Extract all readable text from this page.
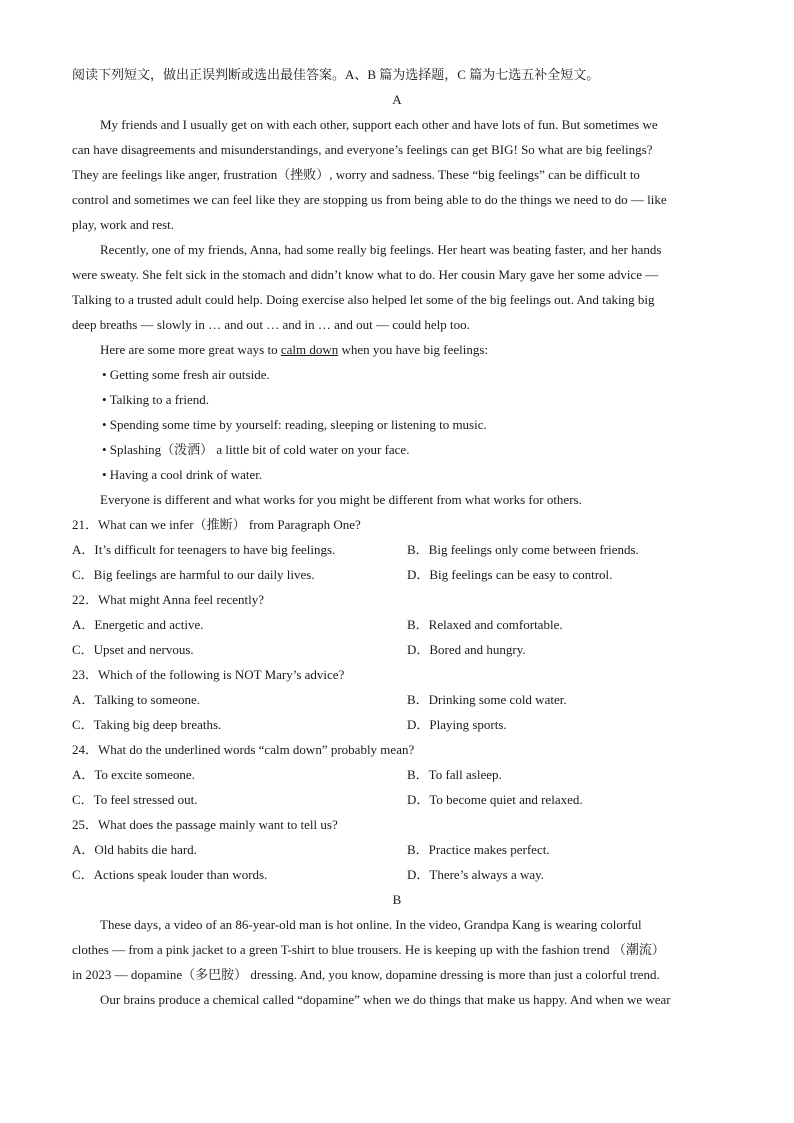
阅读下列短文，做出正误判断或选出最佳答案。A、B 篇为选择题，C 篇为七选五补全短文。
A
My friends and I usually get on with each other, support each other and have lots of fun. But sometimes we
can have disagreements and misunderstandings, and everyone’s feelings can get BIG! So what are big feelings?
They are feelings like anger, frustration（挫败）, worry and sadness. These “big feelings” can be difficult to
control and sometimes we can feel like they are stopping us from being able to do the things we need to do — like
play, work and rest.
Recently, one of my friends, Anna, had some really big feelings. Her heart was beating faster, and her hands
were sweaty. She felt sick in the stomach and didn’t know what to do. Her cousin Mary gave her some advice —
Talking to a trusted adult could help. Doing exercise also helped let some of the big feelings out. And taking big
deep breaths — slowly in … and out … and in … and out — could help too.
Here are some more great ways to calm down when you have big feelings:
• Getting some fresh air outside.
• Talking to a friend.
• Spending some time by yourself: reading, sleeping or listening to music.
• Splashing（泼洒） a little bit of cold water on your face.
• Having a cool drink of water.
Everyone is different and what works for you might be different from what works for others.
21．What can we infer（推断） from Paragraph One?
A．It’s difficult for teenagers to have big feelings.	B．Big feelings only come between friends.
C．Big feelings are harmful to our daily lives.	D．Big feelings can be easy to control.
22．What might Anna feel recently?
A．Energetic and active.	B．Relaxed and comfortable.
C．Upset and nervous.	D．Bored and hungry.
23．Which of the following is NOT Mary’s advice?
A．Talking to someone.	B．Drinking some cold water.
C．Taking big deep breaths.	D．Playing sports.
24．What do the underlined words “calm down” probably mean?
A．To excite someone.	B．To fall asleep.
C．To feel stressed out.	D．To become quiet and relaxed.
25．What does the passage mainly want to tell us?
A．Old habits die hard.	B．Practice makes perfect.
C．Actions speak louder than words.	D．There’s always a way.
B
These days, a video of an 86-year-old man is hot online. In the video, Grandpa Kang is wearing colorful
clothes — from a pink jacket to a green T-shirt to blue trousers. He is keeping up with the fashion trend （潮流）
in 2023 — dopamine（多巴胺） dressing. And, you know, dopamine dressing is more than just a colorful trend.
Our brains produce a chemical called “dopamine” when we do things that make us happy. And when we wear
